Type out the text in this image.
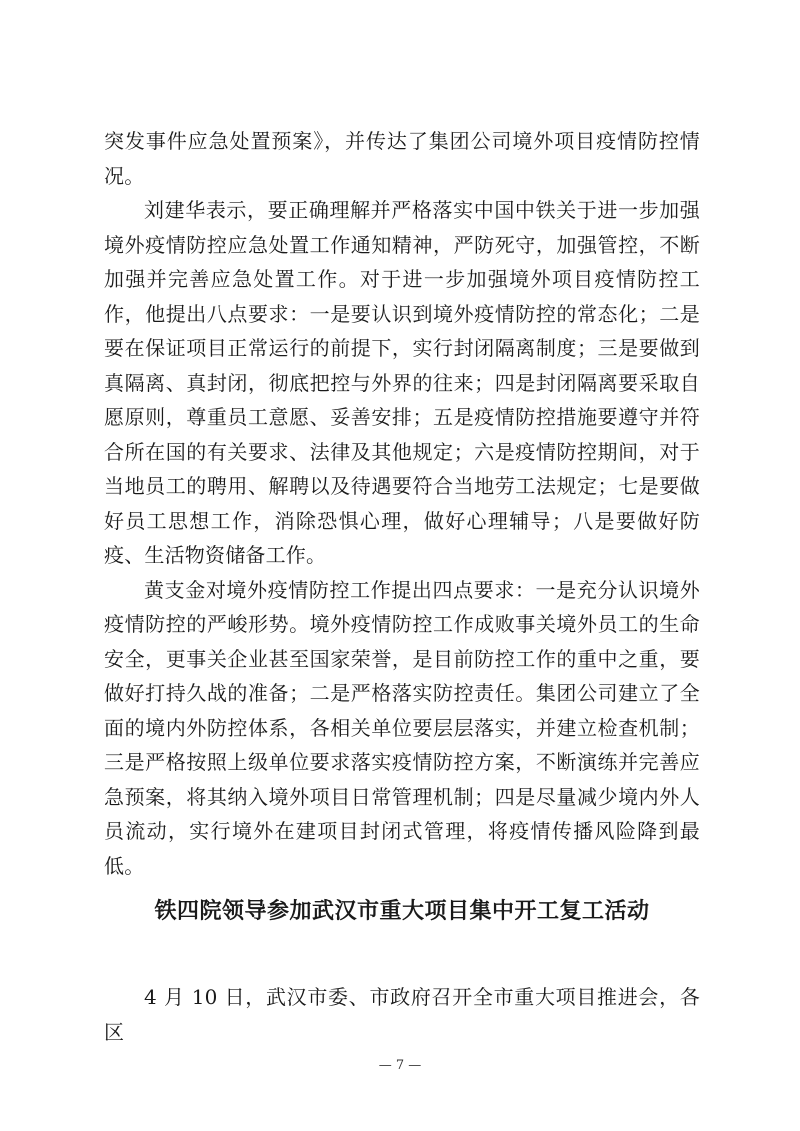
突发事件应急处置预案》，并传达了集团公司境外项目疫情防控情况。

刘建华表示，要正确理解并严格落实中国中铁关于进一步加强境外疫情防控应急处置工作通知精神，严防死守，加强管控，不断加强并完善应急处置工作。对于进一步加强境外项目疫情防控工作，他提出八点要求：一是要认识到境外疫情防控的常态化；二是要在保证项目正常运行的前提下，实行封闭隔离制度；三是要做到真隔离、真封闭，彻底把控与外界的往来；四是封闭隔离要采取自愿原则，尊重员工意愿、妥善安排；五是疫情防控措施要遵守并符合所在国的有关要求、法律及其他规定；六是疫情防控期间，对于当地员工的聘用、解聘以及待遇要符合当地劳工法规定；七是要做好员工思想工作，消除恐惧心理，做好心理辅导；八是要做好防疫、生活物资储备工作。

黄支金对境外疫情防控工作提出四点要求：一是充分认识境外疫情防控的严峻形势。境外疫情防控工作成败事关境外员工的生命安全，更事关企业甚至国家荣誉，是目前防控工作的重中之重，要做好打持久战的准备；二是严格落实防控责任。集团公司建立了全面的境内外防控体系，各相关单位要层层落实，并建立检查机制；三是严格按照上级单位要求落实疫情防控方案，不断演练并完善应急预案，将其纳入境外项目日常管理机制；四是尽量减少境内外人员流动，实行境外在建项目封闭式管理，将疫情传播风险降到最低。

铁四院领导参加武汉市重大项目集中开工复工活动

4 月 10 日，武汉市委、市政府召开全市重大项目推进会，各区

— 7 —
